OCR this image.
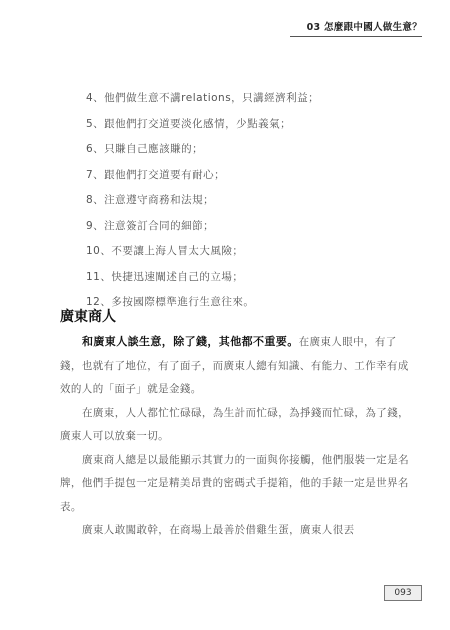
03 怎麼跟中國人做生意？
4、他們做生意不講relations，只講經濟利益；
5、跟他們打交道要淡化感情，少點義氣；
6、只賺自己應該賺的；
7、跟他們打交道要有耐心；
8、注意遵守商務和法規；
9、注意簽訂合同的細節；
10、不要讓上海人冒太大風險；
11、快捷迅速闡述自己的立場；
12、多按國際標準進行生意往來。
廣東商人

和廣東人談生意，除了錢，其他都不重要。在廣東人眼中，有了錢，也就有了地位，有了面子，而廣東人總有知識、有能力、工作幸有成效的人的「面子」就是金錢。

在廣東，人人都忙忙碌碌，為生計而忙碌，為掙錢而忙碌，為了錢，廣東人可以放棄一切。

廣東商人總是以最能顯示其實力的一面與你接觸，他們服裝一定是名牌，他們手提包一定是精美昂貴的密碼式手提箱，他的手錶一定是世界名表。

廣東人敢闖敢幹，在商場上最善於借雞生蛋，廣東人很丟

093
